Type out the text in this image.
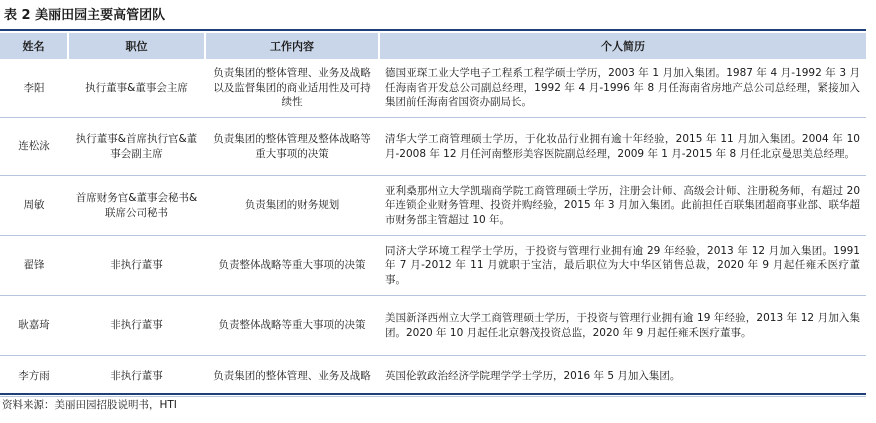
表 2 美丽田园主要高管团队
姓名	职位	工作内容	个人简历
李阳	执行董事&董事会主席	负责集团的整体管理、业务及战略以及监督集团的商业适用性及可持续性	德国亚琛工业大学电子工程系工程学硕士学历，2003 年 1 月加入集团。1987 年 4 月-1992 年 3 月任海南省开发总公司副总经理，1992 年 4 月-1996 年 8 月任海南省房地产总公司总经理，紧接加入集团前任海南省国资办副局长。
连松泳	执行董事&首席执行官&董事会副主席	负责集团的整体管理及整体战略等重大事项的决策	清华大学工商管理硕士学历，于化妆品行业拥有逾十年经验，2015 年 11 月加入集团。2004 年 10 月-2008 年 12 月任河南整形美容医院副总经理，2009 年 1 月-2015 年 8 月任北京曼思美总经理。
周敏	首席财务官&董事会秘书&联席公司秘书	负责集团的财务规划	亚利桑那州立大学凯瑞商学院工商管理硕士学历，注册会计师、高级会计师、注册税务师，有超过 20 年连锁企业财务管理、投资并购经验，2015 年 3 月加入集团。此前担任百联集团超商事业部、联华超市财务部主管超过 10 年。
翟锋	非执行董事	负责整体战略等重大事项的决策	同济大学环境工程学士学历，于投资与管理行业拥有逾 29 年经验，2013 年 12 月加入集团。1991 年 7 月-2012 年 11 月就职于宝洁，最后职位为大中华区销售总裁，2020 年 9 月起任雍禾医疗董事。
耿嘉琦	非执行董事	负责整体战略等重大事项的决策	美国新泽西州立大学工商管理硕士学历，于投资与管理行业拥有逾 19 年经验，2013 年 12 月加入集团。2020 年 10 月起任北京磐茂投资总监，2020 年 9 月起任雍禾医疗董事。
李方雨	非执行董事	负责集团的整体管理、业务及战略	英国伦敦政治经济学院理学学士学历，2016 年 5 月加入集团。
资料来源：美丽田园招股说明书，HTI
